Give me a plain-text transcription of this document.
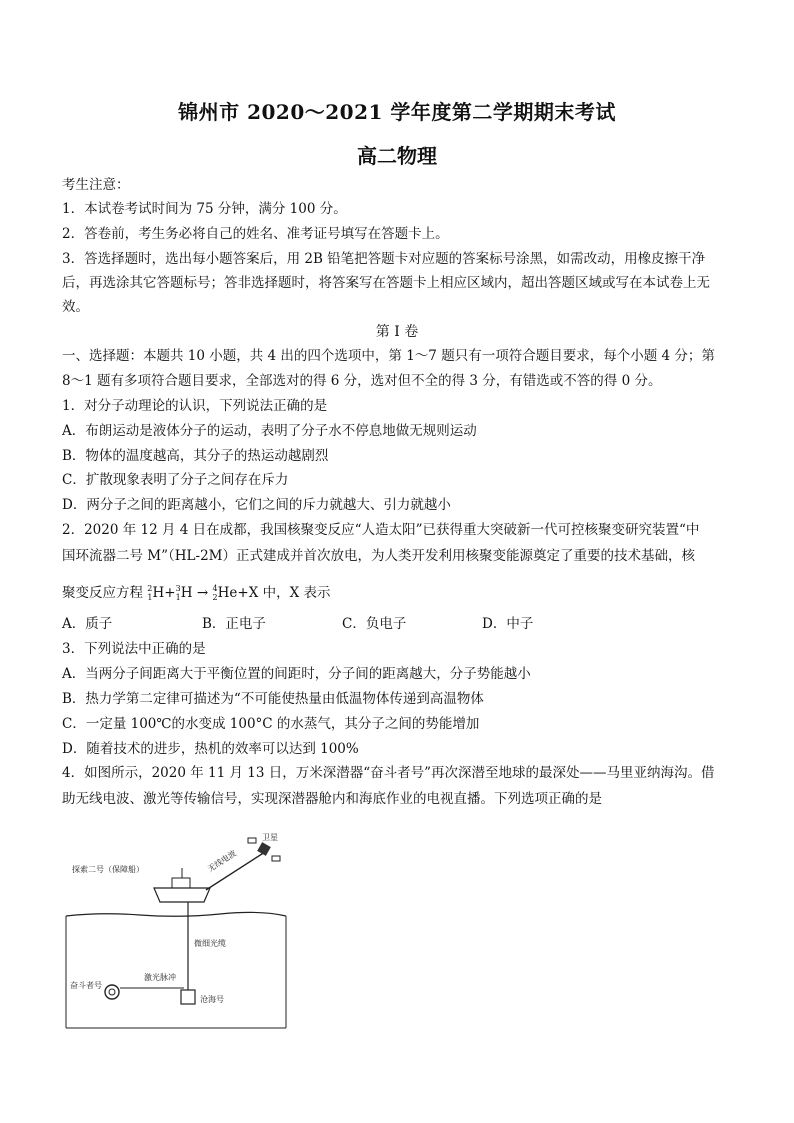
锦州市 2020～2021 学年度第二学期期末考试
高二物理
考生注意：
1．本试卷考试时间为 75 分钟，满分 100 分。
2．答卷前，考生务必将自己的姓名、准考证号填写在答题卡上。
3．答选择题时，选出每小题答案后，用 2B 铅笔把答题卡对应题的答案标号涂黑，如需改动，用橡皮擦干净
后，再选涂其它答题标号；答非选择题时，将答案写在答题卡上相应区域内，超出答题区域或写在本试卷上无
效。
第 I 卷
一、选择题：本题共 10 小题，共 4 出的四个选项中，第 1～7 题只有一项符合题目要求，每个小题 4 分；第
8～1 题有多项符合题目要求，全部选对的得 6 分，选对但不全的得 3 分，有错选或不答的得 0 分。
1．对分子动理论的认识，下列说法正确的是
A．布朗运动是液体分子的运动，表明了分子水不停息地做无规则运动
B．物体的温度越高，其分子的热运动越剧烈
C．扩散现象表明了分子之间存在斥力
D．两分子之间的距离越小，它们之间的斥力就越大、引力就越小
2．2020 年 12 月 4 日在成都，我国核聚变反应“人造太阳”已获得重大突破新一代可控核聚变研究装置“中
国环流器二号 M”（HL-2M）正式建成并首次放电，为人类开发利用核聚变能源奠定了重要的技术基础，核
聚变反应方程 $^2_1$H+$^3_1$H → $^4_2$He+X 中，X 表示
A．质子	B．正电子	C．负电子	D．中子
3．下列说法中正确的是
A．当两分子间距离大于平衡位置的间距时，分子间的距离越大，分子势能越小
B．热力学第二定律可描述为“不可能使热量由低温物体传递到高温物体
C．一定量 100℃的水变成 100°C 的水蒸气，其分子之间的势能增加
D．随着技术的进步，热机的效率可以达到 100%
4．如图所示，2020 年 11 月 13 日，万米深潜器“奋斗者号”再次深潜至地球的最深处——马里亚纳海沟。借
助无线电波、激光等传输信号，实现深潜器舱内和海底作业的电视直播。下列选项正确的是
卫星
探索二号（保障船）	无线电波
微细光缆
激光脉冲
奋斗者号
沧海号
